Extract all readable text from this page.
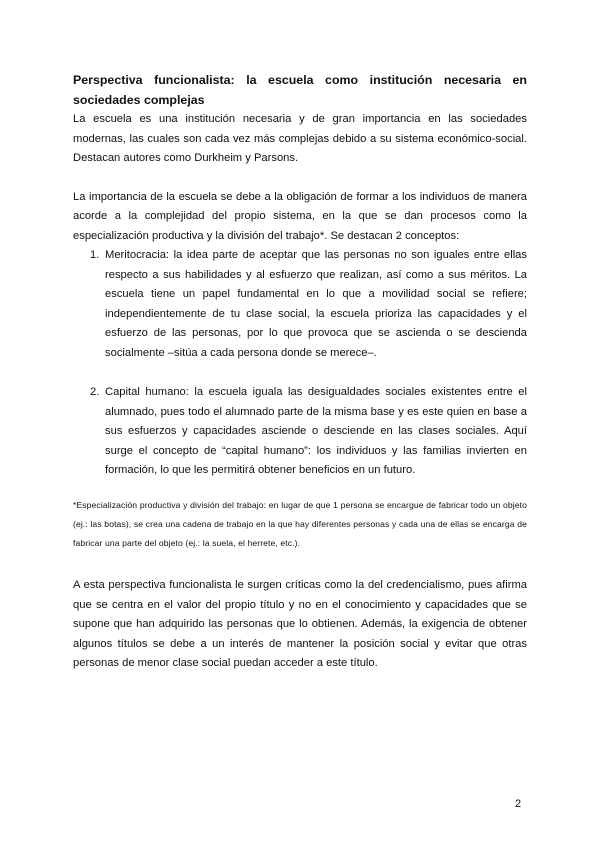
Perspectiva funcionalista: la escuela como institución necesaria en sociedades complejas

La escuela es una institución necesaria y de gran importancia en las sociedades modernas, las cuales son cada vez más complejas debido a su sistema económico-social. Destacan autores como Durkheim y Parsons.

La importancia de la escuela se debe a la obligación de formar a los individuos de manera acorde a la complejidad del propio sistema, en la que se dan procesos como la especialización productiva y la división del trabajo*. Se destacan 2 conceptos:

1. Meritocracia: la idea parte de aceptar que las personas no son iguales entre ellas respecto a sus habilidades y al esfuerzo que realizan, así como a sus méritos. La escuela tiene un papel fundamental en lo que a movilidad social se refiere; independientemente de tu clase social, la escuela prioriza las capacidades y el esfuerzo de las personas, por lo que provoca que se ascienda o se descienda socialmente –sitúa a cada persona donde se merece–.
2. Capital humano: la escuela iguala las desigualdades sociales existentes entre el alumnado, pues todo el alumnado parte de la misma base y es este quien en base a sus esfuerzos y capacidades asciende o desciende en las clases sociales. Aquí surge el concepto de “capital humano”: los individuos y las familias invierten en formación, lo que les permitirá obtener beneficios en un futuro.

*Especialización productiva y división del trabajo: en lugar de que 1 persona se encargue de fabricar todo un objeto (ej.: las botas), se crea una cadena de trabajo en la que hay diferentes personas y cada una de ellas se encarga de fabricar una parte del objeto (ej.: la suela, el herrete, etc.).

A esta perspectiva funcionalista le surgen críticas como la del credencialismo, pues afirma que se centra en el valor del propio título y no en el conocimiento y capacidades que se supone que han adquirido las personas que lo obtienen. Además, la exigencia de obtener algunos títulos se debe a un interés de mantener la posición social y evitar que otras personas de menor clase social puedan acceder a este título.

2
